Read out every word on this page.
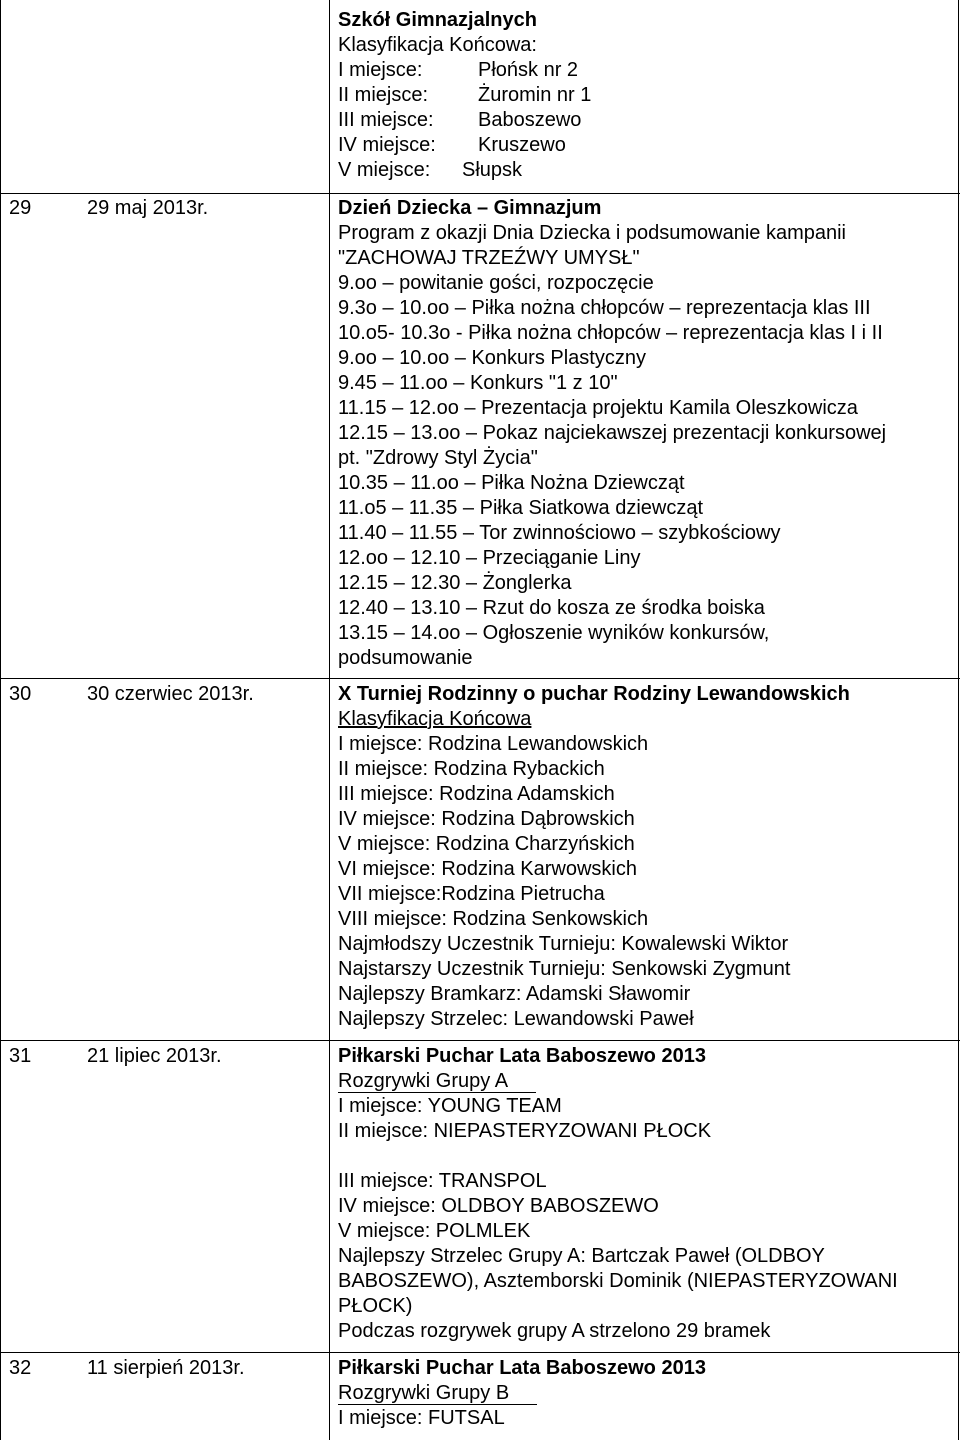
Szkół Gimnazjalnych
Klasyfikacja Końcowa:
I miejsce:	Płońsk nr 2
II miejsce: Żuromin nr 1
III miejsce: Baboszewo
IV miejsce: Kruszewo
V miejsce: Słupsk
29	29 maj 2013r.	Dzień Dziecka – Gimnazjum
Program z okazji Dnia Dziecka i podsumowanie kampanii
"ZACHOWAJ TRZEŹWY UMYSŁ"
9.oo – powitanie gości, rozpoczęcie
9.3o – 10.oo – Piłka nożna chłopców – reprezentacja klas III
10.o5- 10.3o - Piłka nożna chłopców – reprezentacja klas I i II
9.oo – 10.oo – Konkurs Plastyczny
9.45 – 11.oo – Konkurs "1 z 10"
11.15 – 12.oo – Prezentacja projektu Kamila Oleszkowicza
12.15 – 13.oo – Pokaz najciekawszej prezentacji konkursowej
pt. "Zdrowy Styl Życia"
10.35 – 11.oo – Piłka Nożna Dziewcząt
11.o5 – 11.35 – Piłka Siatkowa dziewcząt
11.40 – 11.55 – Tor zwinnościowo – szybkościowy
12.oo – 12.10 – Przeciąganie Liny
12.15 – 12.30 – Żonglerka
12.40 – 13.10 – Rzut do kosza ze środka boiska
13.15 – 14.oo – Ogłoszenie wyników konkursów,
podsumowanie
30	30 czerwiec 2013r.	X Turniej Rodzinny o puchar Rodziny Lewandowskich
Klasyfikacja Końcowa
I miejsce: Rodzina Lewandowskich
II miejsce: Rodzina Rybackich
III miejsce: Rodzina Adamskich
IV miejsce: Rodzina Dąbrowskich
V miejsce: Rodzina Charzyńskich
VI miejsce: Rodzina Karwowskich
VII miejsce:Rodzina Pietrucha
VIII miejsce: Rodzina Senkowskich
Najmłodszy Uczestnik Turnieju: Kowalewski Wiktor
Najstarszy Uczestnik Turnieju: Senkowski Zygmunt
Najlepszy Bramkarz: Adamski Sławomir
Najlepszy Strzelec: Lewandowski Paweł
31	21 lipiec 2013r.	Piłkarski Puchar Lata Baboszewo 2013
Rozgrywki Grupy A
I miejsce: YOUNG TEAM
II miejsce: NIEPASTERYZOWANI PŁOCK
III miejsce: TRANSPOL
IV miejsce: OLDBOY BABOSZEWO
V miejsce: POLMLEK
Najlepszy Strzelec Grupy A: Bartczak Paweł (OLDBOY BABOSZEWO), Asztemborski Dominik (NIEPASTERYZOWANI PŁOCK)
Podczas rozgrywek grupy A strzelono 29 bramek
32	11 sierpień 2013r.	Piłkarski Puchar Lata Baboszewo 2013
Rozgrywki Grupy B
I miejsce: FUTSAL
